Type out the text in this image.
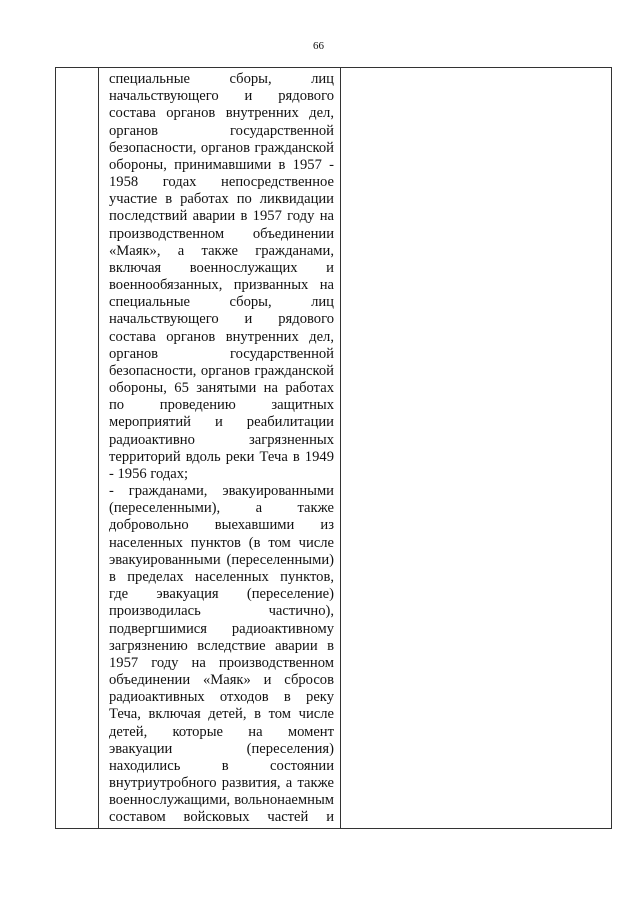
66
специальные сборы, лиц
начальствующего и рядового
состава органов внутренних дел,
органов государственной
безопасности, органов гражданской
обороны, принимавшими в 1957 -
1958 годах непосредственное
участие в работах по ликвидации
последствий аварии в 1957 году на
производственном объединении
«Маяк», а также гражданами,
включая военнослужащих и
военнообязанных, призванных на
специальные сборы, лиц
начальствующего и рядового
состава органов внутренних дел,
органов государственной
безопасности, органов гражданской
обороны, 65 занятыми на работах
по проведению защитных
мероприятий и реабилитации
радиоактивно загрязненных
территорий вдоль реки Теча в 1949
- 1956 годах;
- гражданами, эвакуированными
(переселенными), а также
добровольно выехавшими из
населенных пунктов (в том числе
эвакуированными (переселенными)
в пределах населенных пунктов,
где эвакуация (переселение)
производилась частично),
подвергшимися радиоактивному
загрязнению вследствие аварии в
1957 году на производственном
объединении «Маяк» и сбросов
радиоактивных отходов в реку
Теча, включая детей, в том числе
детей, которые на момент
эвакуации (переселения)
находились в состоянии
внутриутробного развития, а также
военнослужащими, вольнонаемным
составом войсковых частей и
